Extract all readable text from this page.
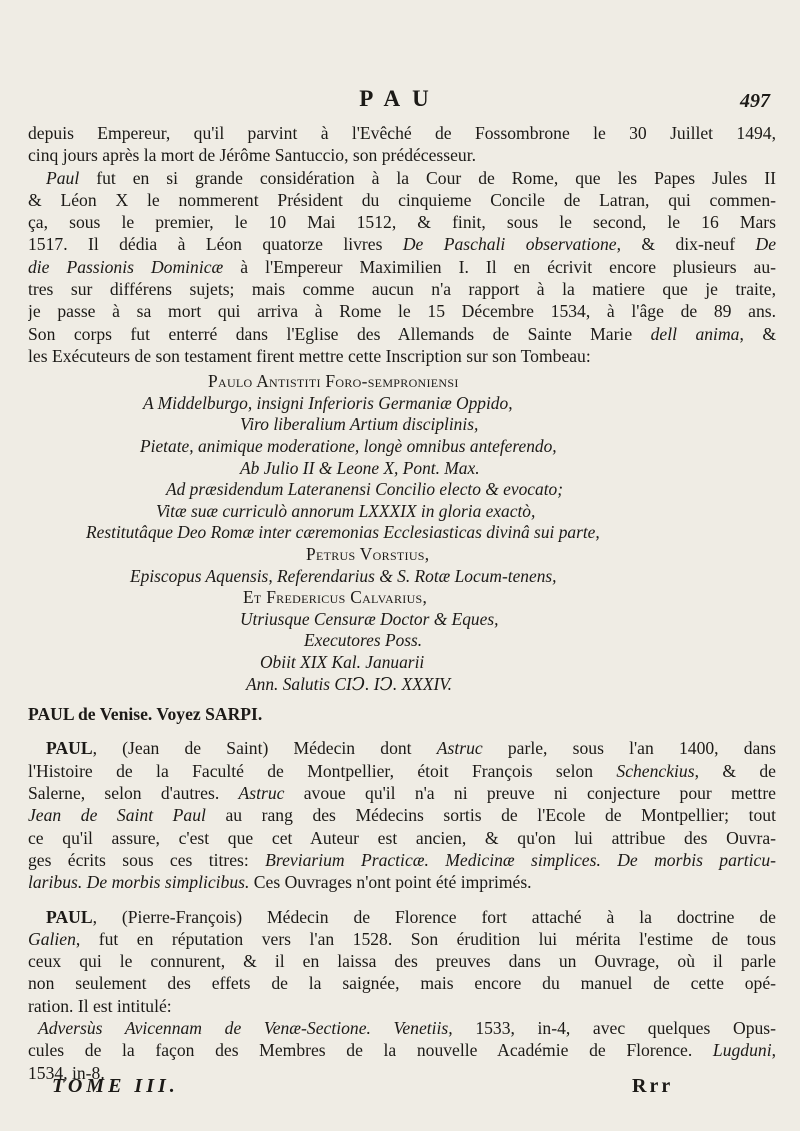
PAU	497
depuis Empereur, qu'il parvint à l'Evêché de Fossombrone le 30 Juillet 1494,
cinq jours après la mort de Jérôme Santuccio, son prédécesseur.
Paul fut en si grande considération à la Cour de Rome, que les Papes Jules II
& Léon X le nommerent Président du cinquieme Concile de Latran, qui commen-
ça, sous le premier, le 10 Mai 1512, & finit, sous le second, le 16 Mars
1517. Il dédia à Léon quatorze livres De Paschali observatione, & dix-neuf De
die Passionis Dominicæ à l'Empereur Maximilien I. Il en écrivit encore plusieurs au-
tres sur différens sujets; mais comme aucun n'a rapport à la matiere que je traite,
je passe à sa mort qui arriva à Rome le 15 Décembre 1534, à l'âge de 89 ans.
Son corps fut enterré dans l'Eglise des Allemands de Sainte Marie dell anima, &
les Exécuteurs de son testament firent mettre cette Inscription sur son Tombeau:
Paulo Antistiti Foro-semproniensi
A Middelburgo, insigni Inferioris Germaniæ Oppido,
Viro liberalium Artium disciplinis,
Pietate, animique moderatione, longè omnibus anteferendo,
Ab Julio II & Leone X, Pont. Max.
Ad præsidendum Lateranensi Concilio electo & evocato;
Vitæ suæ curriculò annorum LXXXIX in gloria exactò,
Restitutâque Deo Romæ inter cæremonias Ecclesiasticas divinâ sui parte,
Petrus Vorstius,
Episcopus Aquensis, Referendarius & S. Rotæ Locum-tenens,
Et Fredericus Calvarius,
Utriusque Censuræ Doctor & Eques,
Executores Poss.
Obiit XIX Kal. Januarii
Ann. Salutis CIↃ. IↃ. XXXIV.
PAUL de Venise. Voyez SARPI.
PAUL, (Jean de Saint) Médecin dont Astruc parle, sous l'an 1400, dans
l'Histoire de la Faculté de Montpellier, étoit François selon Schenckius, & de
Salerne, selon d'autres. Astruc avoue qu'il n'a ni preuve ni conjecture pour mettre
Jean de Saint Paul au rang des Médecins sortis de l'Ecole de Montpellier; tout
ce qu'il assure, c'est que cet Auteur est ancien, & qu'on lui attribue des Ouvra-
ges écrits sous ces titres: Breviarium Practicæ. Medicinæ simplices. De morbis particu-
laribus. De morbis simplicibus. Ces Ouvrages n'ont point été imprimés.
PAUL, (Pierre-François) Médecin de Florence fort attaché à la doctrine de
Galien, fut en réputation vers l'an 1528. Son érudition lui mérita l'estime de tous
ceux qui le connurent, & il en laissa des preuves dans un Ouvrage, où il parle
non seulement des effets de la saignée, mais encore du manuel de cette opé-
ration. Il est intitulé:
Adversùs Avicennam de Venæ-Sectione. Venetiis, 1533, in-4, avec quelques Opus-
cules de la façon des Membres de la nouvelle Académie de Florence. Lugduni,
1534, in-8.
TOME III.	Rrr
